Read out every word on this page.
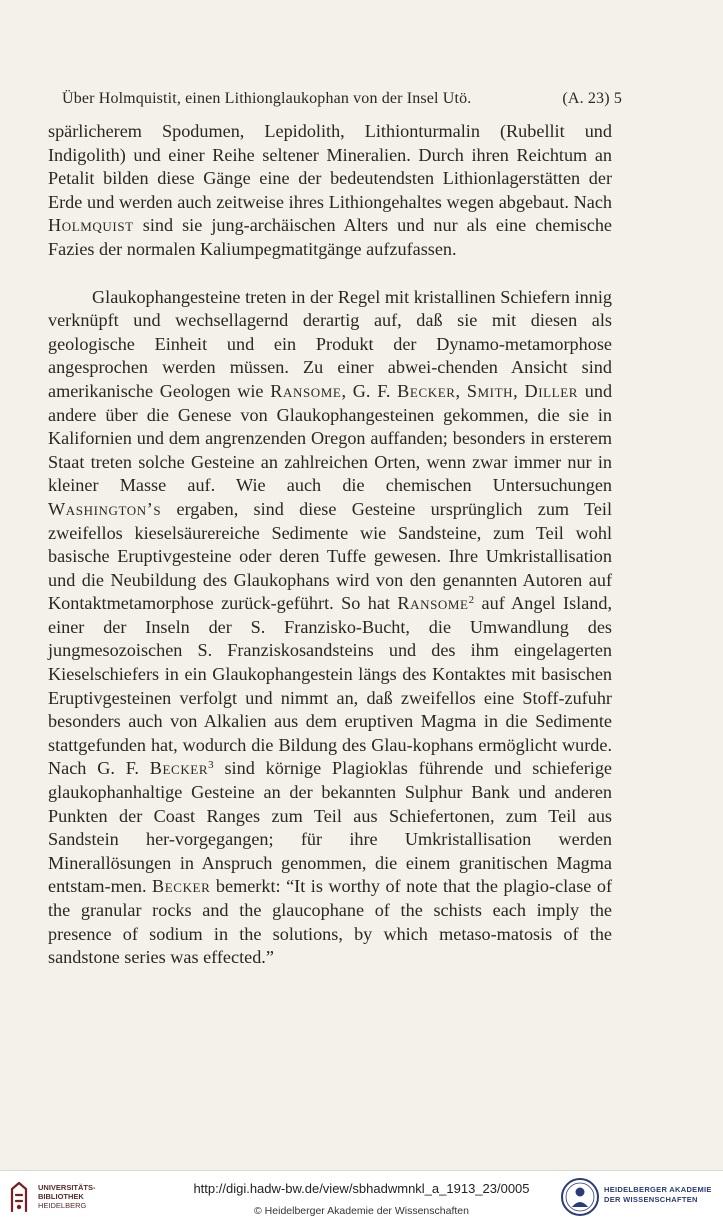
Über Holmquistit, einen Lithionglaukophan von der Insel Utö.	(A. 23) 5

spärlicherem Spodumen, Lepidolith, Lithionturmalin (Rubellit und Indigolith) und einer Reihe seltener Mineralien. Durch ihren Reichtum an Petalit bilden diese Gänge eine der bedeutendsten Lithionlagerstätten der Erde und werden auch zeitweise ihres Lithiongehaltes wegen abgebaut. Nach Holmquist sind sie jung-archäischen Alters und nur als eine chemische Fazies der normalen Kaliumpegmatitgänge aufzufassen.

Glaukophangesteine treten in der Regel mit kristallinen Schiefern innig verknüpft und wechsellagernd derartig auf, daß sie mit diesen als geologische Einheit und ein Produkt der Dynamo-metamorphose angesprochen werden müssen. Zu einer abwei-chenden Ansicht sind amerikanische Geologen wie Ransome, G. F. Becker, Smith, Diller und andere über die Genese von Glaukophangesteinen gekommen, die sie in Kalifornien und dem angrenzenden Oregon auffanden; besonders in ersterem Staat treten solche Gesteine an zahlreichen Orten, wenn zwar immer nur in kleiner Masse auf. Wie auch die chemischen Untersuchungen Washington’s ergaben, sind diese Gesteine ursprünglich zum Teil zweifellos kieselsäurereiche Sedimente wie Sandsteine, zum Teil wohl basische Eruptivgesteine oder deren Tuffe gewesen. Ihre Umkristallisation und die Neubildung des Glaukophans wird von den genannten Autoren auf Kontaktmetamorphose zurück-geführt. So hat Ransome$^2$ auf Angel Island, einer der Inseln der S. Franzisko-Bucht, die Umwandlung des jungmesozoischen S. Franziskosandsteins und des ihm eingelagerten Kieselschiefers in ein Glaukophangestein längs des Kontaktes mit basischen Eruptivgesteinen verfolgt und nimmt an, daß zweifellos eine Stoff-zufuhr besonders auch von Alkalien aus dem eruptiven Magma in die Sedimente stattgefunden hat, wodurch die Bildung des Glau-kophans ermöglicht wurde. Nach G. F. Becker$^3$ sind körnige Plagioklas führende und schieferige glaukophanhaltige Gesteine an der bekannten Sulphur Bank und anderen Punkten der Coast Ranges zum Teil aus Schiefertonen, zum Teil aus Sandstein her-vorgegangen; für ihre Umkristallisation werden Minerallösungen in Anspruch genommen, die einem granitischen Magma entstam-men. Becker bemerkt: “It is worthy of note that the plagio-clase of the granular rocks and the glaucophane of the schists each imply the presence of sodium in the solutions, by which metaso-matosis of the sandstone series was effected.”

UNIVERSITÄTS-
BIBLIOTHEK
HEIDELBERG
http://digi.hadw-bw.de/view/sbhadwmnkl_a_1913_23/0005
© Heidelberger Akademie der Wissenschaften
HEIDELBERGER AKADEMIE
DER WISSENSCHAFTEN
